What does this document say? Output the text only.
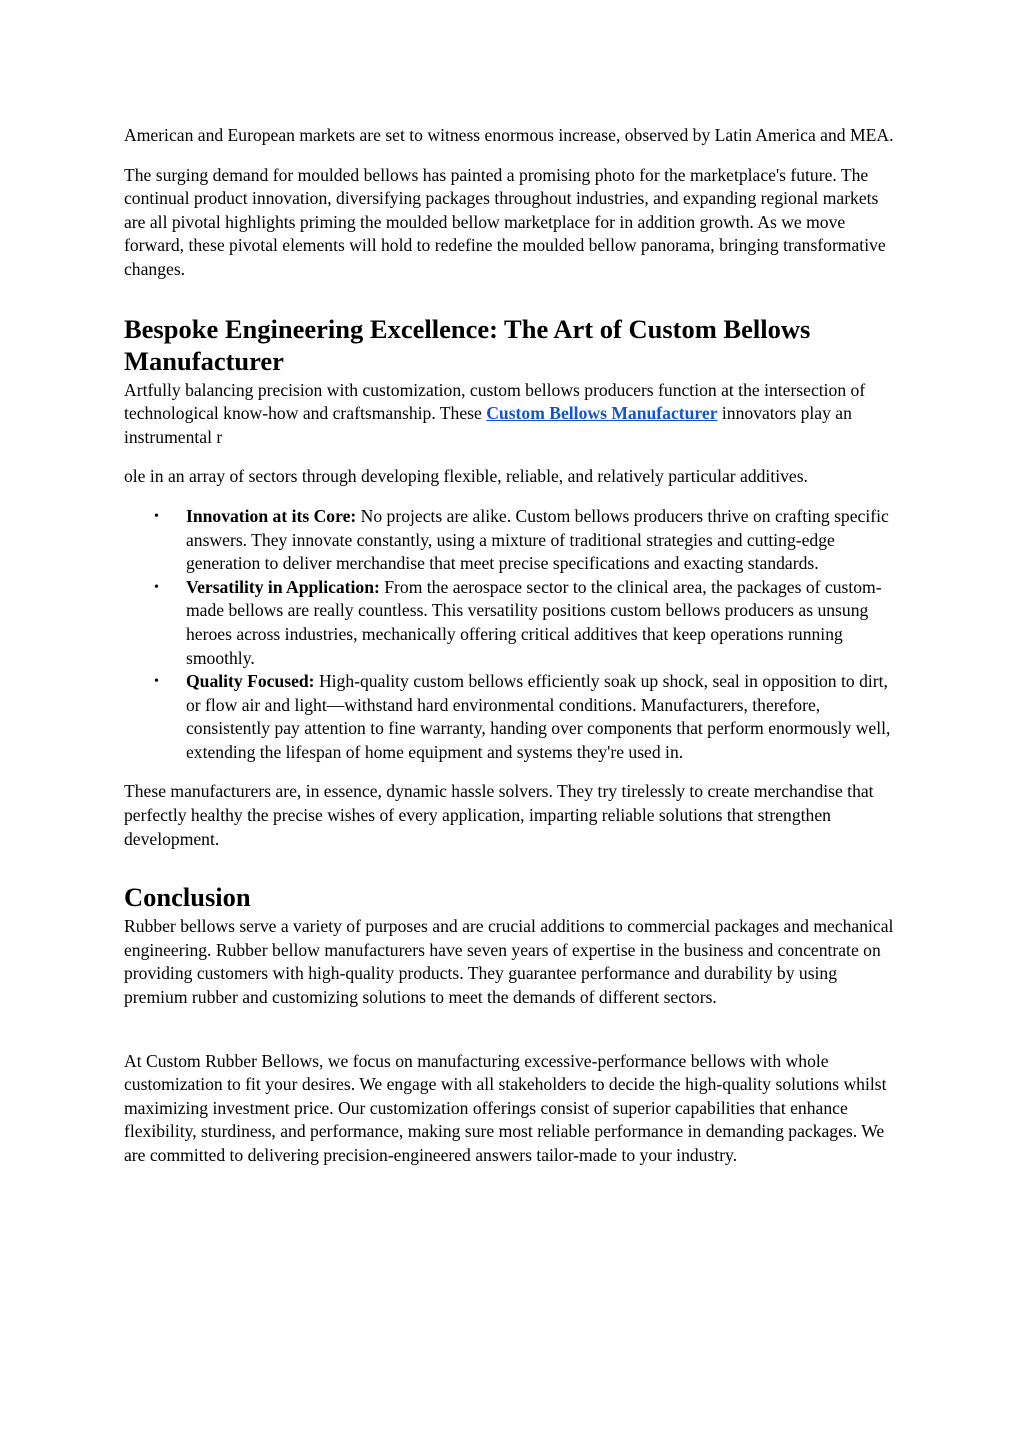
American and European markets are set to witness enormous increase, observed by Latin America and MEA.

The surging demand for moulded bellows has painted a promising photo for the marketplace's future. The continual product innovation, diversifying packages throughout industries, and expanding regional markets are all pivotal highlights priming the moulded bellow marketplace for in addition growth. As we move forward, these pivotal elements will hold to redefine the moulded bellow panorama, bringing transformative changes.

Bespoke Engineering Excellence: The Art of Custom Bellows Manufacturer

Artfully balancing precision with customization, custom bellows producers function at the intersection of technological know-how and craftsmanship. These Custom Bellows Manufacturer innovators play an instrumental r

ole in an array of sectors through developing flexible, reliable, and relatively particular additives.

• Innovation at its Core: No projects are alike. Custom bellows producers thrive on crafting specific answers. They innovate constantly, using a mixture of traditional strategies and cutting-edge generation to deliver merchandise that meet precise specifications and exacting standards.
• Versatility in Application: From the aerospace sector to the clinical area, the packages of custom-made bellows are really countless. This versatility positions custom bellows producers as unsung heroes across industries, mechanically offering critical additives that keep operations running smoothly.
• Quality Focused: High-quality custom bellows efficiently soak up shock, seal in opposition to dirt, or flow air and light—withstand hard environmental conditions. Manufacturers, therefore, consistently pay attention to fine warranty, handing over components that perform enormously well, extending the lifespan of home equipment and systems they're used in.

These manufacturers are, in essence, dynamic hassle solvers. They try tirelessly to create merchandise that perfectly healthy the precise wishes of every application, imparting reliable solutions that strengthen development.

Conclusion

Rubber bellows serve a variety of purposes and are crucial additions to commercial packages and mechanical engineering. Rubber bellow manufacturers have seven years of expertise in the business and concentrate on providing customers with high-quality products. They guarantee performance and durability by using premium rubber and customizing solutions to meet the demands of different sectors.

At Custom Rubber Bellows, we focus on manufacturing excessive-performance bellows with whole customization to fit your desires. We engage with all stakeholders to decide the high-quality solutions whilst maximizing investment price. Our customization offerings consist of superior capabilities that enhance flexibility, sturdiness, and performance, making sure most reliable performance in demanding packages. We are committed to delivering precision-engineered answers tailor-made to your industry.
